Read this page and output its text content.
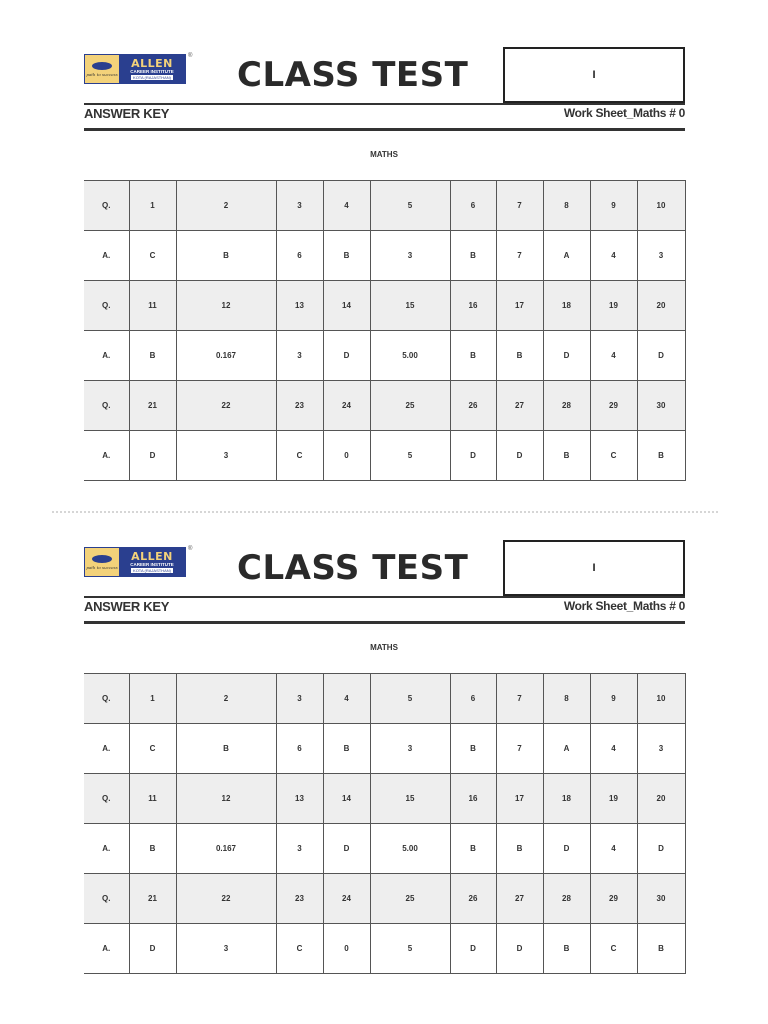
path to success
ALLEN
CAREER INSTITUTE
KOTA (RAJASTHAN)
® CLASS TEST	I
ANSWER KEY	Work Sheet_Maths # 0
MATHS
Q.	1	2	3	4	5	6	7	8	9	10
A.	C	B	6	B	3	B	7	A	4	3
Q.	11	12	13	14	15	16	17	18	19	20
A.	B	0.167	3	D	5.00	B	B	D	4	D
Q.	21	22	23	24	25	26	27	28	29	30
A.	D	3	C	0	5	D	D	B	C	B
path to success
ALLEN
CAREER INSTITUTE
KOTA (RAJASTHAN)
® CLASS TEST	I
ANSWER KEY	Work Sheet_Maths # 0
MATHS
Q.	1	2	3	4	5	6	7	8	9	10
A.	C	B	6	B	3	B	7	A	4	3
Q.	11	12	13	14	15	16	17	18	19	20
A.	B	0.167	3	D	5.00	B	B	D	4	D
Q.	21	22	23	24	25	26	27	28	29	30
A.	D	3	C	0	5	D	D	B	C	B
